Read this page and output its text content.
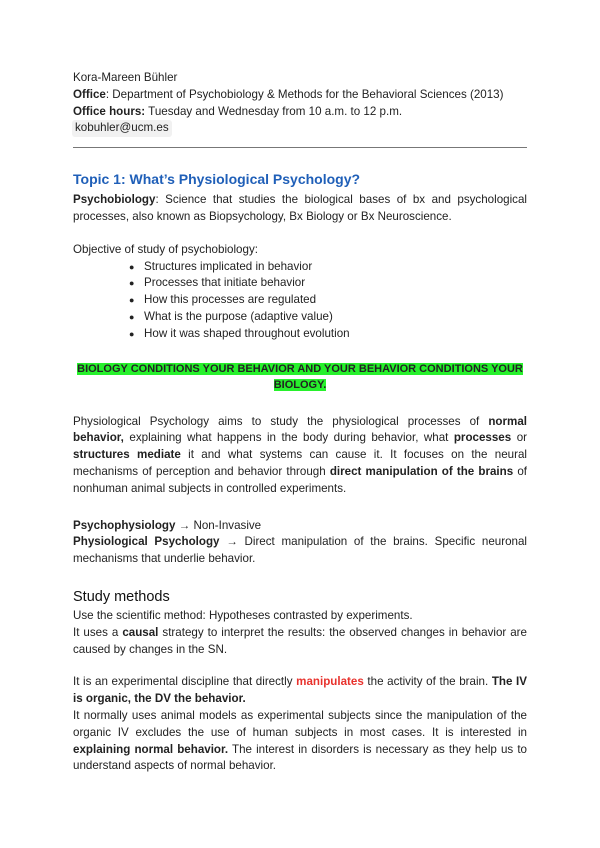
Kora-Mareen Bühler

Office: Department of Psychobiology & Methods for the Behavioral Sciences (2013)

Office hours: Tuesday and Wednesday from 10 a.m. to 12 p.m.

kobuhler@ucm.es

Topic 1: What’s Physiological Psychology?

Psychobiology: Science that studies the biological bases of bx and psychological processes, also known as Biopsychology, Bx Biology or Bx Neuroscience.

Objective of study of psychobiology:

● Structures implicated in behavior
● Processes that initiate behavior
● How this processes are regulated
● What is the purpose (adaptive value)
● How it was shaped throughout evolution

BIOLOGY CONDITIONS YOUR BEHAVIOR AND YOUR BEHAVIOR CONDITIONS YOUR
BIOLOGY.

Physiological Psychology aims to study the physiological processes of normal behavior, explaining what happens in the body during behavior, what processes or structures mediate it and what systems can cause it. It focuses on the neural mechanisms of perception and behavior through direct manipulation of the brains of nonhuman animal subjects in controlled experiments.

Psychophysiology → Non-Invasive

Physiological Psychology → Direct manipulation of the brains. Specific neuronal mechanisms that underlie behavior.

Study methods

Use the scientific method: Hypotheses contrasted by experiments.

It uses a causal strategy to interpret the results: the observed changes in behavior are caused by changes in the SN.

It is an experimental discipline that directly manipulates the activity of the brain. The IV is organic, the DV the behavior.

It normally uses animal models as experimental subjects since the manipulation of the organic IV excludes the use of human subjects in most cases. It is interested in explaining normal behavior. The interest in disorders is necessary as they help us to understand aspects of normal behavior.
